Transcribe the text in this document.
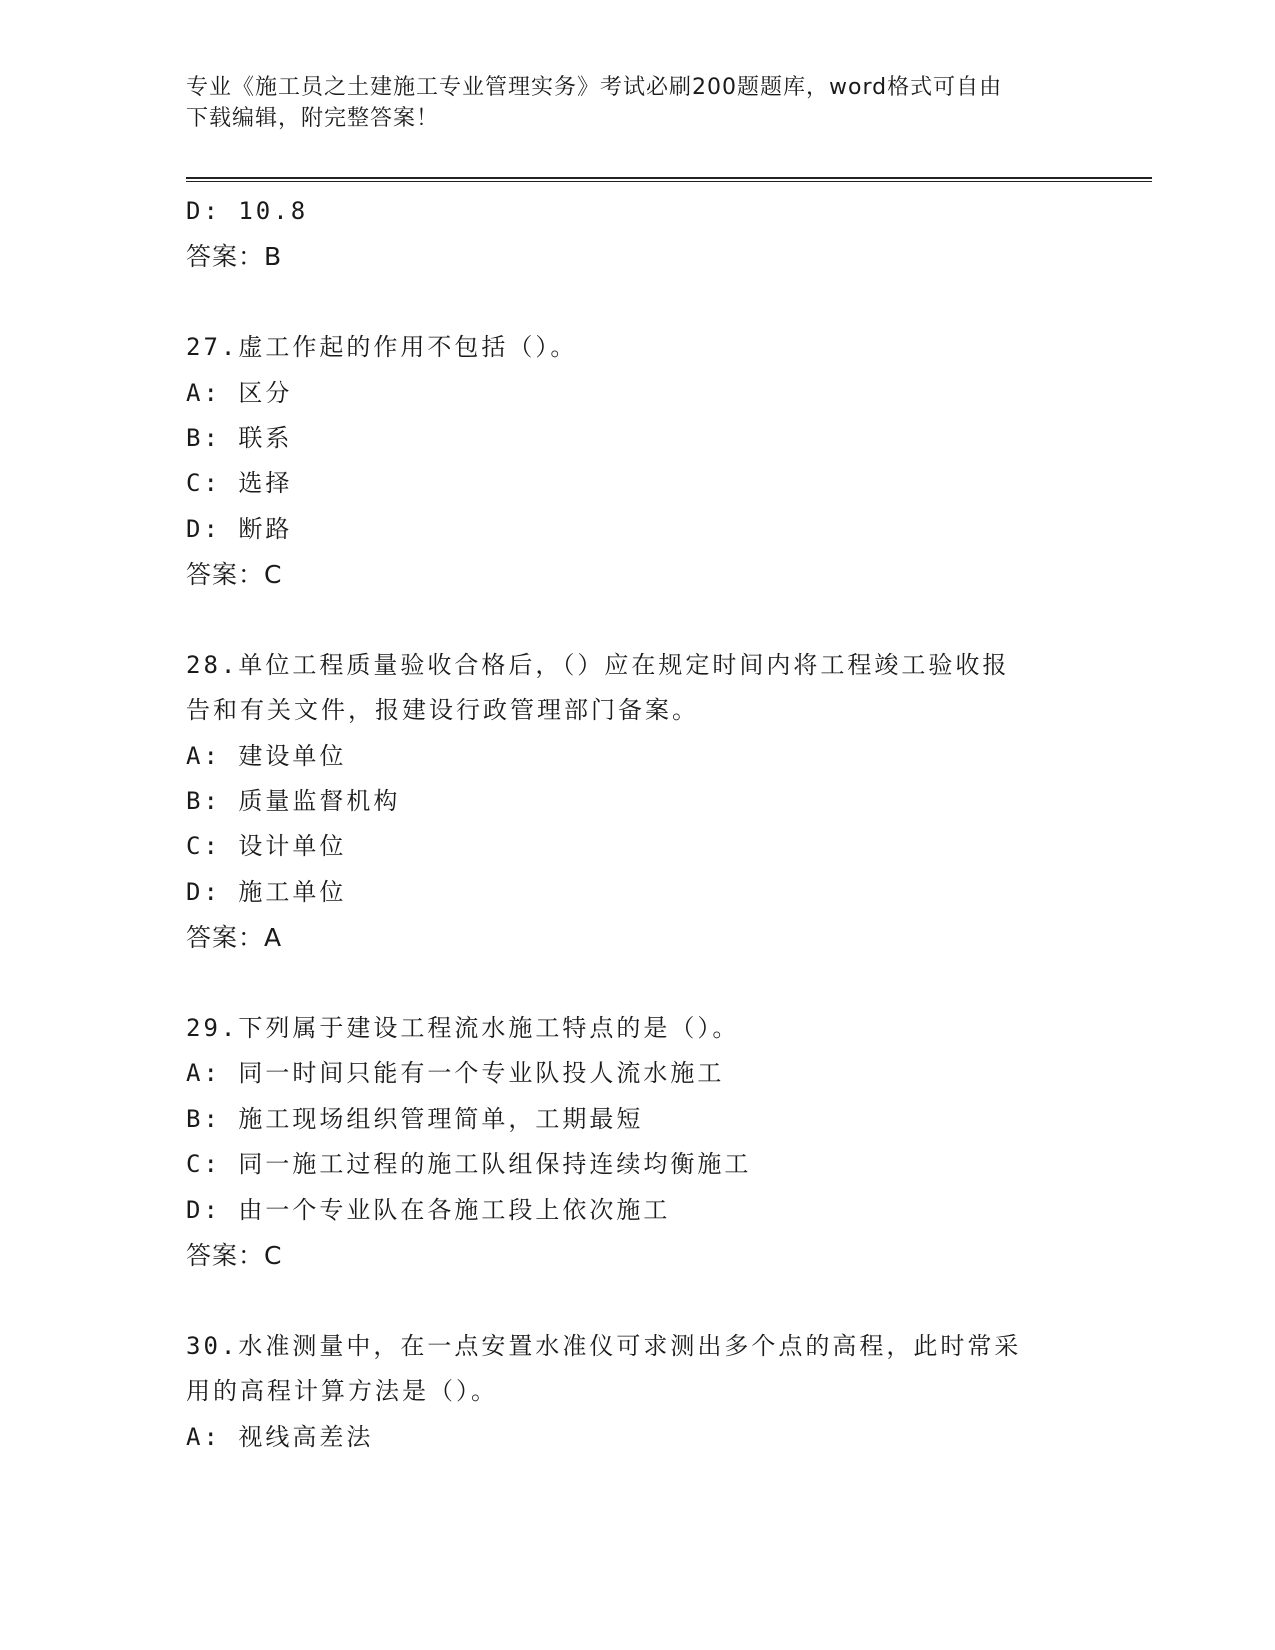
专业《施工员之土建施工专业管理实务》考试必刷200题题库，word格式可自由
下载编辑，附完整答案！
D: 10.8
答案：B
27.虚工作起的作用不包括（）。
A: 区分
B: 联系
C: 选择
D: 断路
答案：C
28.单位工程质量验收合格后，（）应在规定时间内将工程竣工验收报
告和有关文件，报建设行政管理部门备案。
A: 建设单位
B: 质量监督机构
C: 设计单位
D: 施工单位
答案：A
29.下列属于建设工程流水施工特点的是（）。
A: 同一时间只能有一个专业队投人流水施工
B: 施工现场组织管理简单，工期最短
C: 同一施工过程的施工队组保持连续均衡施工
D: 由一个专业队在各施工段上依次施工
答案：C
30.水准测量中，在一点安置水准仪可求测出多个点的高程，此时常采
用的高程计算方法是（）。
A: 视线高差法
